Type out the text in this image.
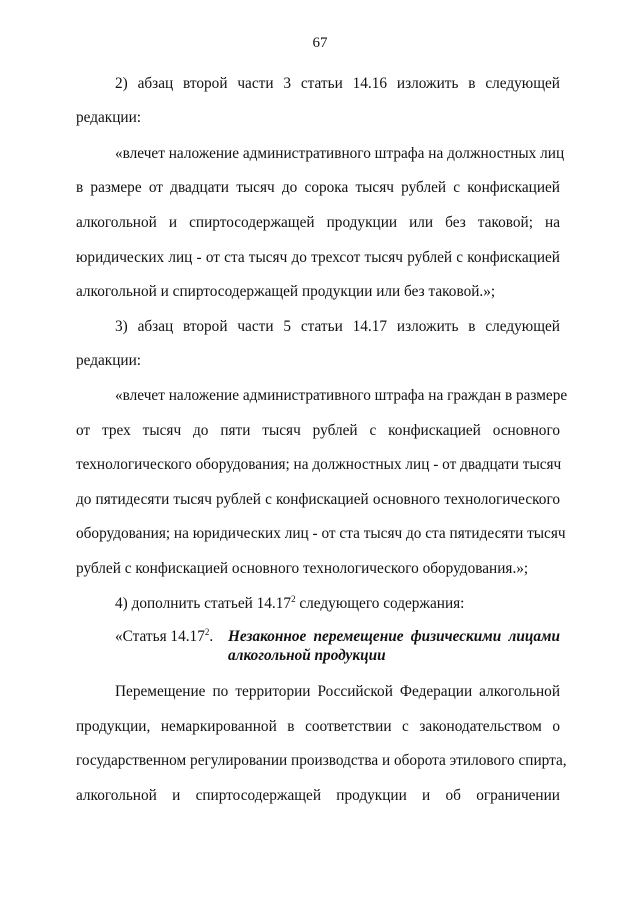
67
2) абзац второй части 3 статьи 14.16 изложить в следующей
редакции:
«влечет наложение административного штрафа на должностных лиц
в размере от двадцати тысяч до сорока тысяч рублей с конфискацией
алкогольной и спиртосодержащей продукции или без таковой; на
юридических лиц - от ста тысяч до трехсот тысяч рублей с конфискацией
алкогольной и спиртосодержащей продукции или без таковой.»;
3) абзац второй части 5 статьи 14.17 изложить в следующей
редакции:
«влечет наложение административного штрафа на граждан в размере
от трех тысяч до пяти тысяч рублей с конфискацией основного
технологического оборудования; на должностных лиц - от двадцати тысяч
до пятидесяти тысяч рублей с конфискацией основного технологического
оборудования; на юридических лиц - от ста тысяч до ста пятидесяти тысяч
рублей с конфискацией основного технологического оборудования.»;
4) дополнить статьей 14.17$^2$ следующего содержания:
«Статья 14.17$^2$. Незаконное перемещение физическими лицами
алкогольной продукции
Перемещение по территории Российской Федерации алкогольной
продукции, немаркированной в соответствии с законодательством о
государственном регулировании производства и оборота этилового спирта,
алкогольной и спиртосодержащей продукции и об ограничении
